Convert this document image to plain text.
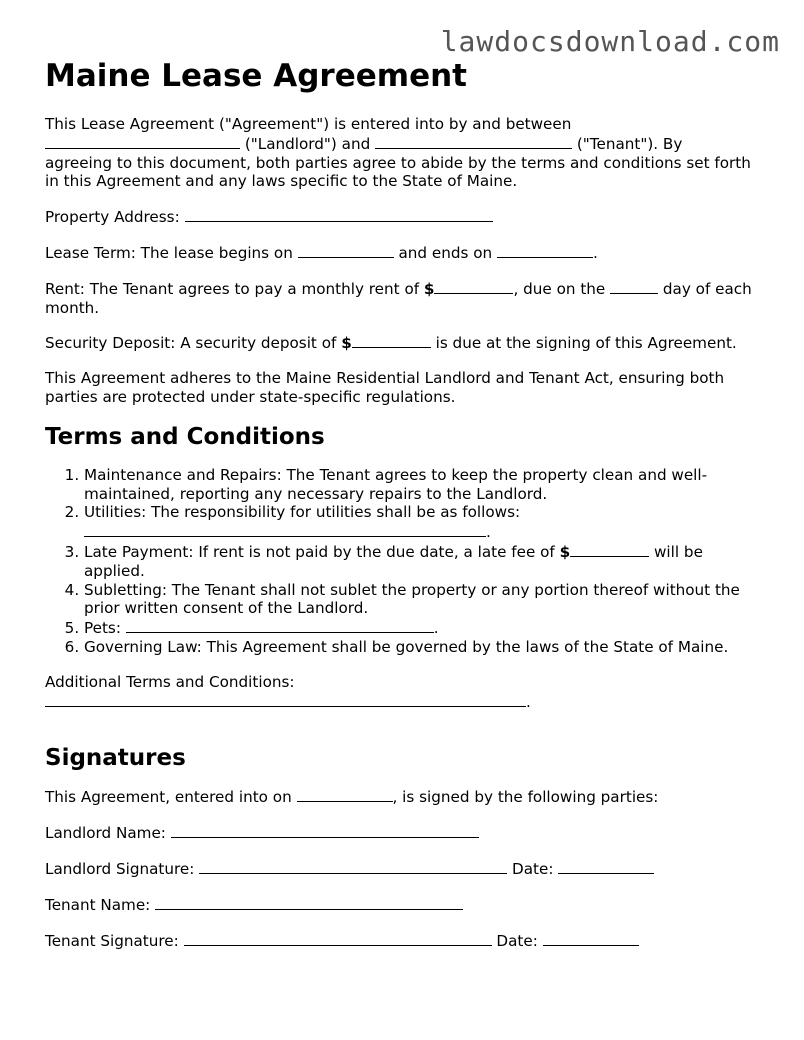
lawdocsdownload.com
Maine Lease Agreement

This Lease Agreement ("Agreement") is entered into by and between
("Landlord") and	("Tenant"). By
agreeing to this document, both parties agree to abide by the terms and conditions set forth in this Agreement and any laws specific to the State of Maine.

Property Address:

Lease Term: The lease begins on	and ends on	.

Rent: The Tenant agrees to pay a monthly rent of $	, due on the	day of each month.

Security Deposit: A security deposit of $	is due at the signing of this Agreement.

This Agreement adheres to the Maine Residential Landlord and Tenant Act, ensuring both parties are protected under state-specific regulations.

Terms and Conditions
1. Maintenance and Repairs: The Tenant agrees to keep the property clean and well-maintained, reporting any necessary repairs to the Landlord.
2. Utilities: The responsibility for utilities shall be as follows:
.
3. Late Payment: If rent is not paid by the due date, a late fee of $	will be applied.
4. Subletting: The Tenant shall not sublet the property or any portion thereof without the prior written consent of the Landlord.
5. Pets:	.
6. Governing Law: This Agreement shall be governed by the laws of the State of Maine.

Additional Terms and Conditions:
.

Signatures

This Agreement, entered into on	, is signed by the following parties:

Landlord Name:

Landlord Signature:	Date:

Tenant Name:

Tenant Signature:	Date:
